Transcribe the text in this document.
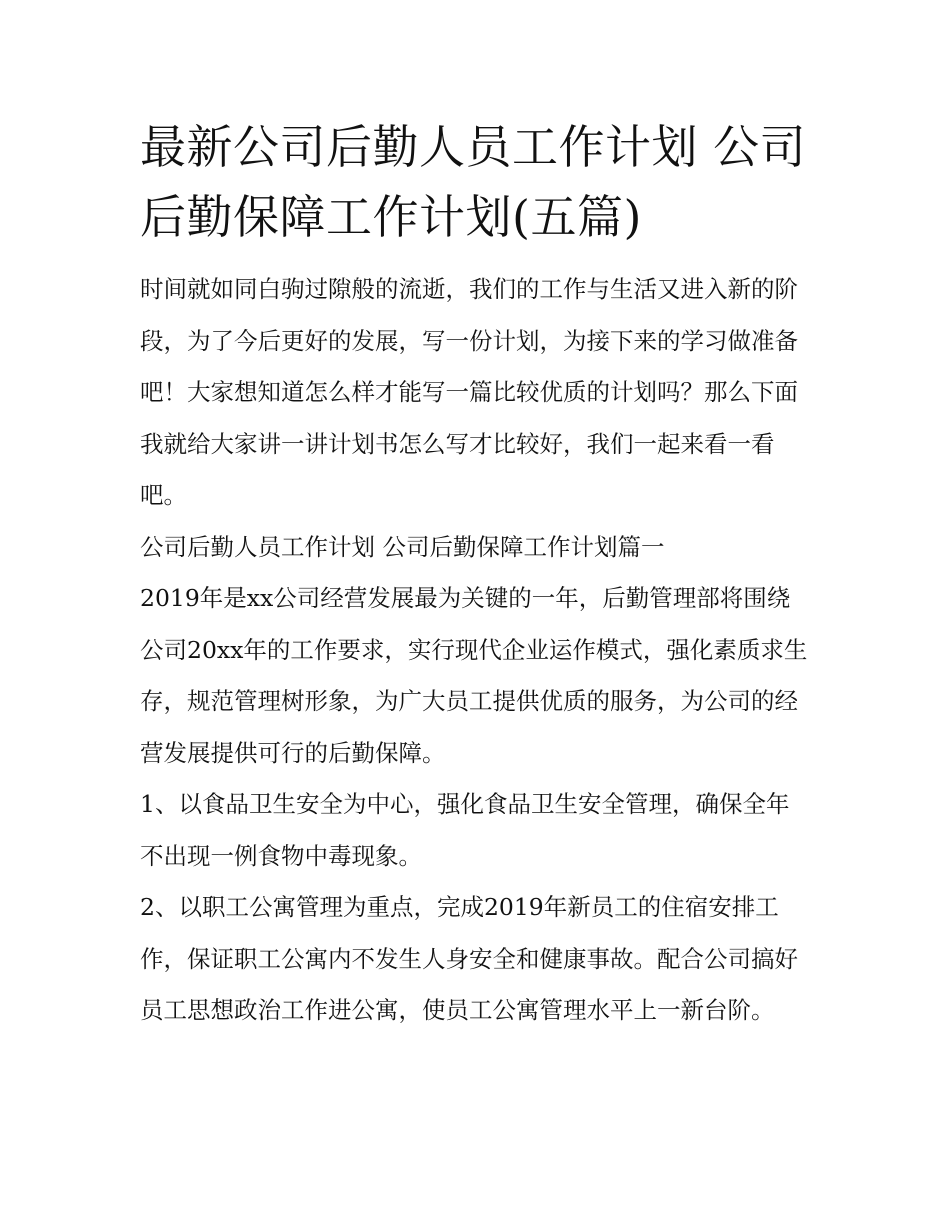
最新公司后勤人员工作计划 公司后勤保障工作计划(五篇)

时间就如同白驹过隙般的流逝，我们的工作与生活又进入新的阶段，为了今后更好的发展，写一份计划，为接下来的学习做准备吧！大家想知道怎么样才能写一篇比较优质的计划吗？那么下面我就给大家讲一讲计划书怎么写才比较好，我们一起来看一看吧。

公司后勤人员工作计划 公司后勤保障工作计划篇一

2019年是xx公司经营发展最为关键的一年，后勤管理部将围绕公司20xx年的工作要求，实行现代企业运作模式，强化素质求生存，规范管理树形象，为广大员工提供优质的服务，为公司的经营发展提供可行的后勤保障。

1、以食品卫生安全为中心，强化食品卫生安全管理，确保全年不出现一例食物中毒现象。

2、以职工公寓管理为重点，完成2019年新员工的住宿安排工作，保证职工公寓内不发生人身安全和健康事故。配合公司搞好员工思想政治工作进公寓，使员工公寓管理水平上一新台阶。
